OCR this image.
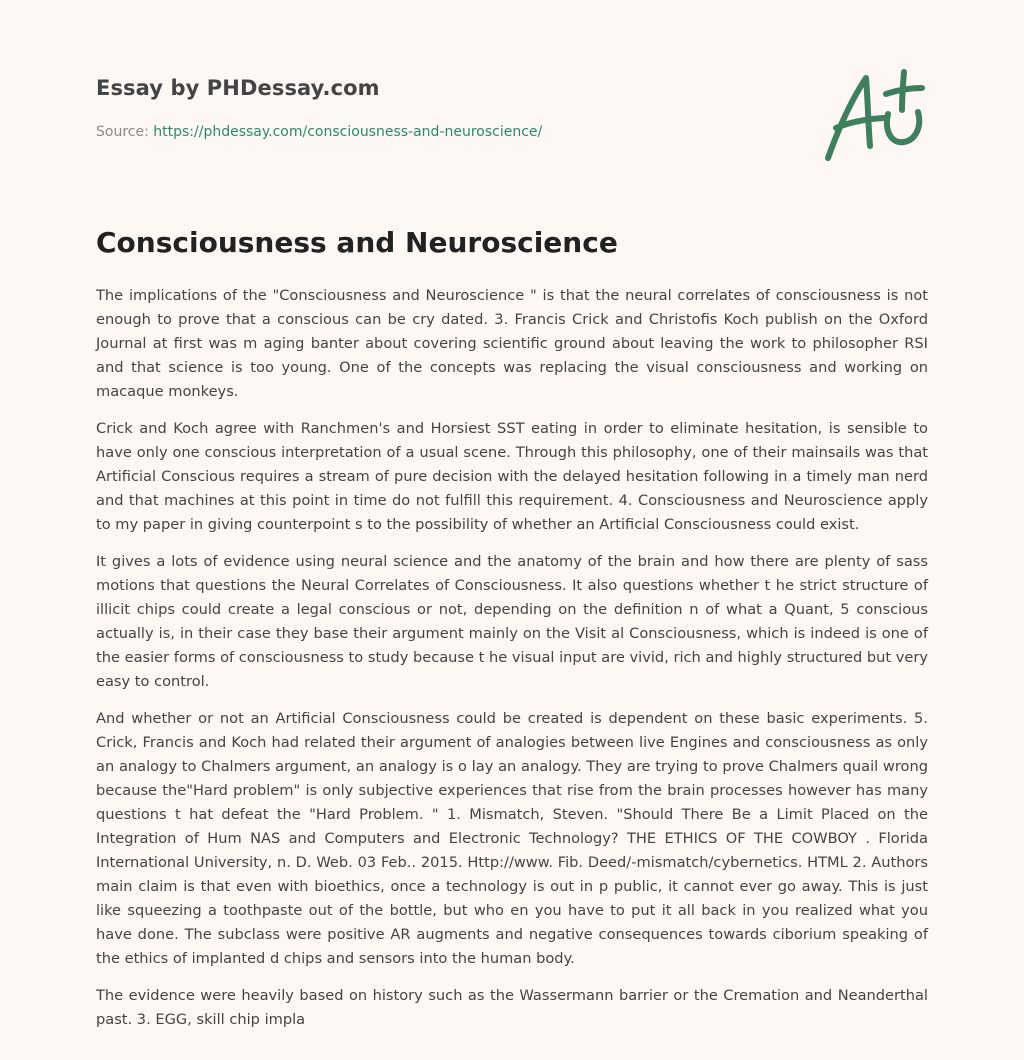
Essay by PHDessay.com
Source: https://phdessay.com/consciousness-and-neuroscience/
Consciousness and Neuroscience

The implications of the "Consciousness and Neuroscience " is that the neural correlates of consciousness is not enough to prove that a conscious can be cry dated. 3. Francis Crick and Christofis Koch publish on the Oxford Journal at first was m aging banter about covering scientific ground about leaving the work to philosopher RSI and that science is too young. One of the concepts was replacing the visual consciousness and working on macaque monkeys.

Crick and Koch agree with Ranchmen's and Horsiest SST eating in order to eliminate hesitation, is sensible to have only one conscious interpretation of a usual scene. Through this philosophy, one of their mainsails was that Artificial Conscious requires a stream of pure decision with the delayed hesitation following in a timely man nerd and that machines at this point in time do not fulfill this requirement. 4. Consciousness and Neuroscience apply to my paper in giving counterpoint s to the possibility of whether an Artificial Consciousness could exist.

It gives a lots of evidence using neural science and the anatomy of the brain and how there are plenty of sass motions that questions the Neural Correlates of Consciousness. It also questions whether t he strict structure of illicit chips could create a legal conscious or not, depending on the definition n of what a Quant, 5 conscious actually is, in their case they base their argument mainly on the Visit al Consciousness, which is indeed is one of the easier forms of consciousness to study because t he visual input are vivid, rich and highly structured but very easy to control.

And whether or not an Artificial Consciousness could be created is dependent on these basic experiments. 5. Crick, Francis and Koch had related their argument of analogies between live Engines and consciousness as only an analogy to Chalmers argument, an analogy is o lay an analogy. They are trying to prove Chalmers quail wrong because the"Hard problem" is only subjective experiences that rise from the brain processes however has many questions t hat defeat the "Hard Problem. " 1. Mismatch, Steven. "Should There Be a Limit Placed on the Integration of Hum NAS and Computers and Electronic Technology? THE ETHICS OF THE COWBOY . Florida International University, n. D. Web. 03 Feb.. 2015. Http://www. Fib. Deed/-mismatch/cybernetics. HTML 2. Authors main claim is that even with bioethics, once a technology is out in p public, it cannot ever go away. This is just like squeezing a toothpaste out of the bottle, but who en you have to put it all back in you realized what you have done. The subclass were positive AR augments and negative consequences towards ciborium speaking of the ethics of implanted d chips and sensors into the human body.

The evidence were heavily based on history such as the Wassermann barrier or the Cremation and Neanderthal past. 3. EGG, skill chip impla
